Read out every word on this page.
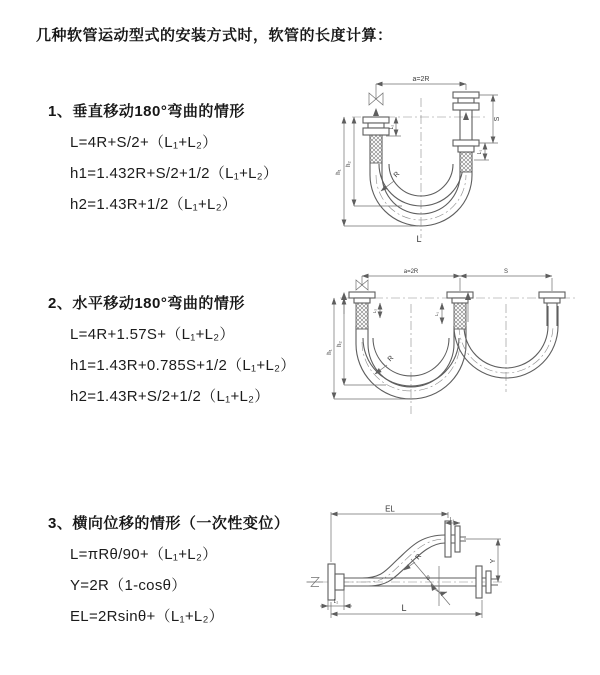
几种软管运动型式的安装方式时，软管的长度计算：
1、垂直移动180°弯曲的情形
L=4R+S/2+（L₁+L₂）
h1=1.432R+S/2+1/2（L₁+L₂）
h2=1.43R+1/2（L₁+L₂）
2、水平移动180°弯曲的情形
L=4R+1.57S+（L₁+L₂）
h1=1.43R+0.785S+1/2（L₁+L₂）
h2=1.43R+S/2+1/2（L₁+L₂）
3、横向位移的情形（一次性变位）
L=πRθ/90+（L₁+L₂）
Y=2R（1-cosθ）
EL=2Rsinθ+（L₁+L₂）
a=2R
S
L₁
L₂
h₁
h₂
R
L
a=2R	S
L₂
L₁
h₁
h₂
R
EL
L₁
Y
L
L₂
R
θ
